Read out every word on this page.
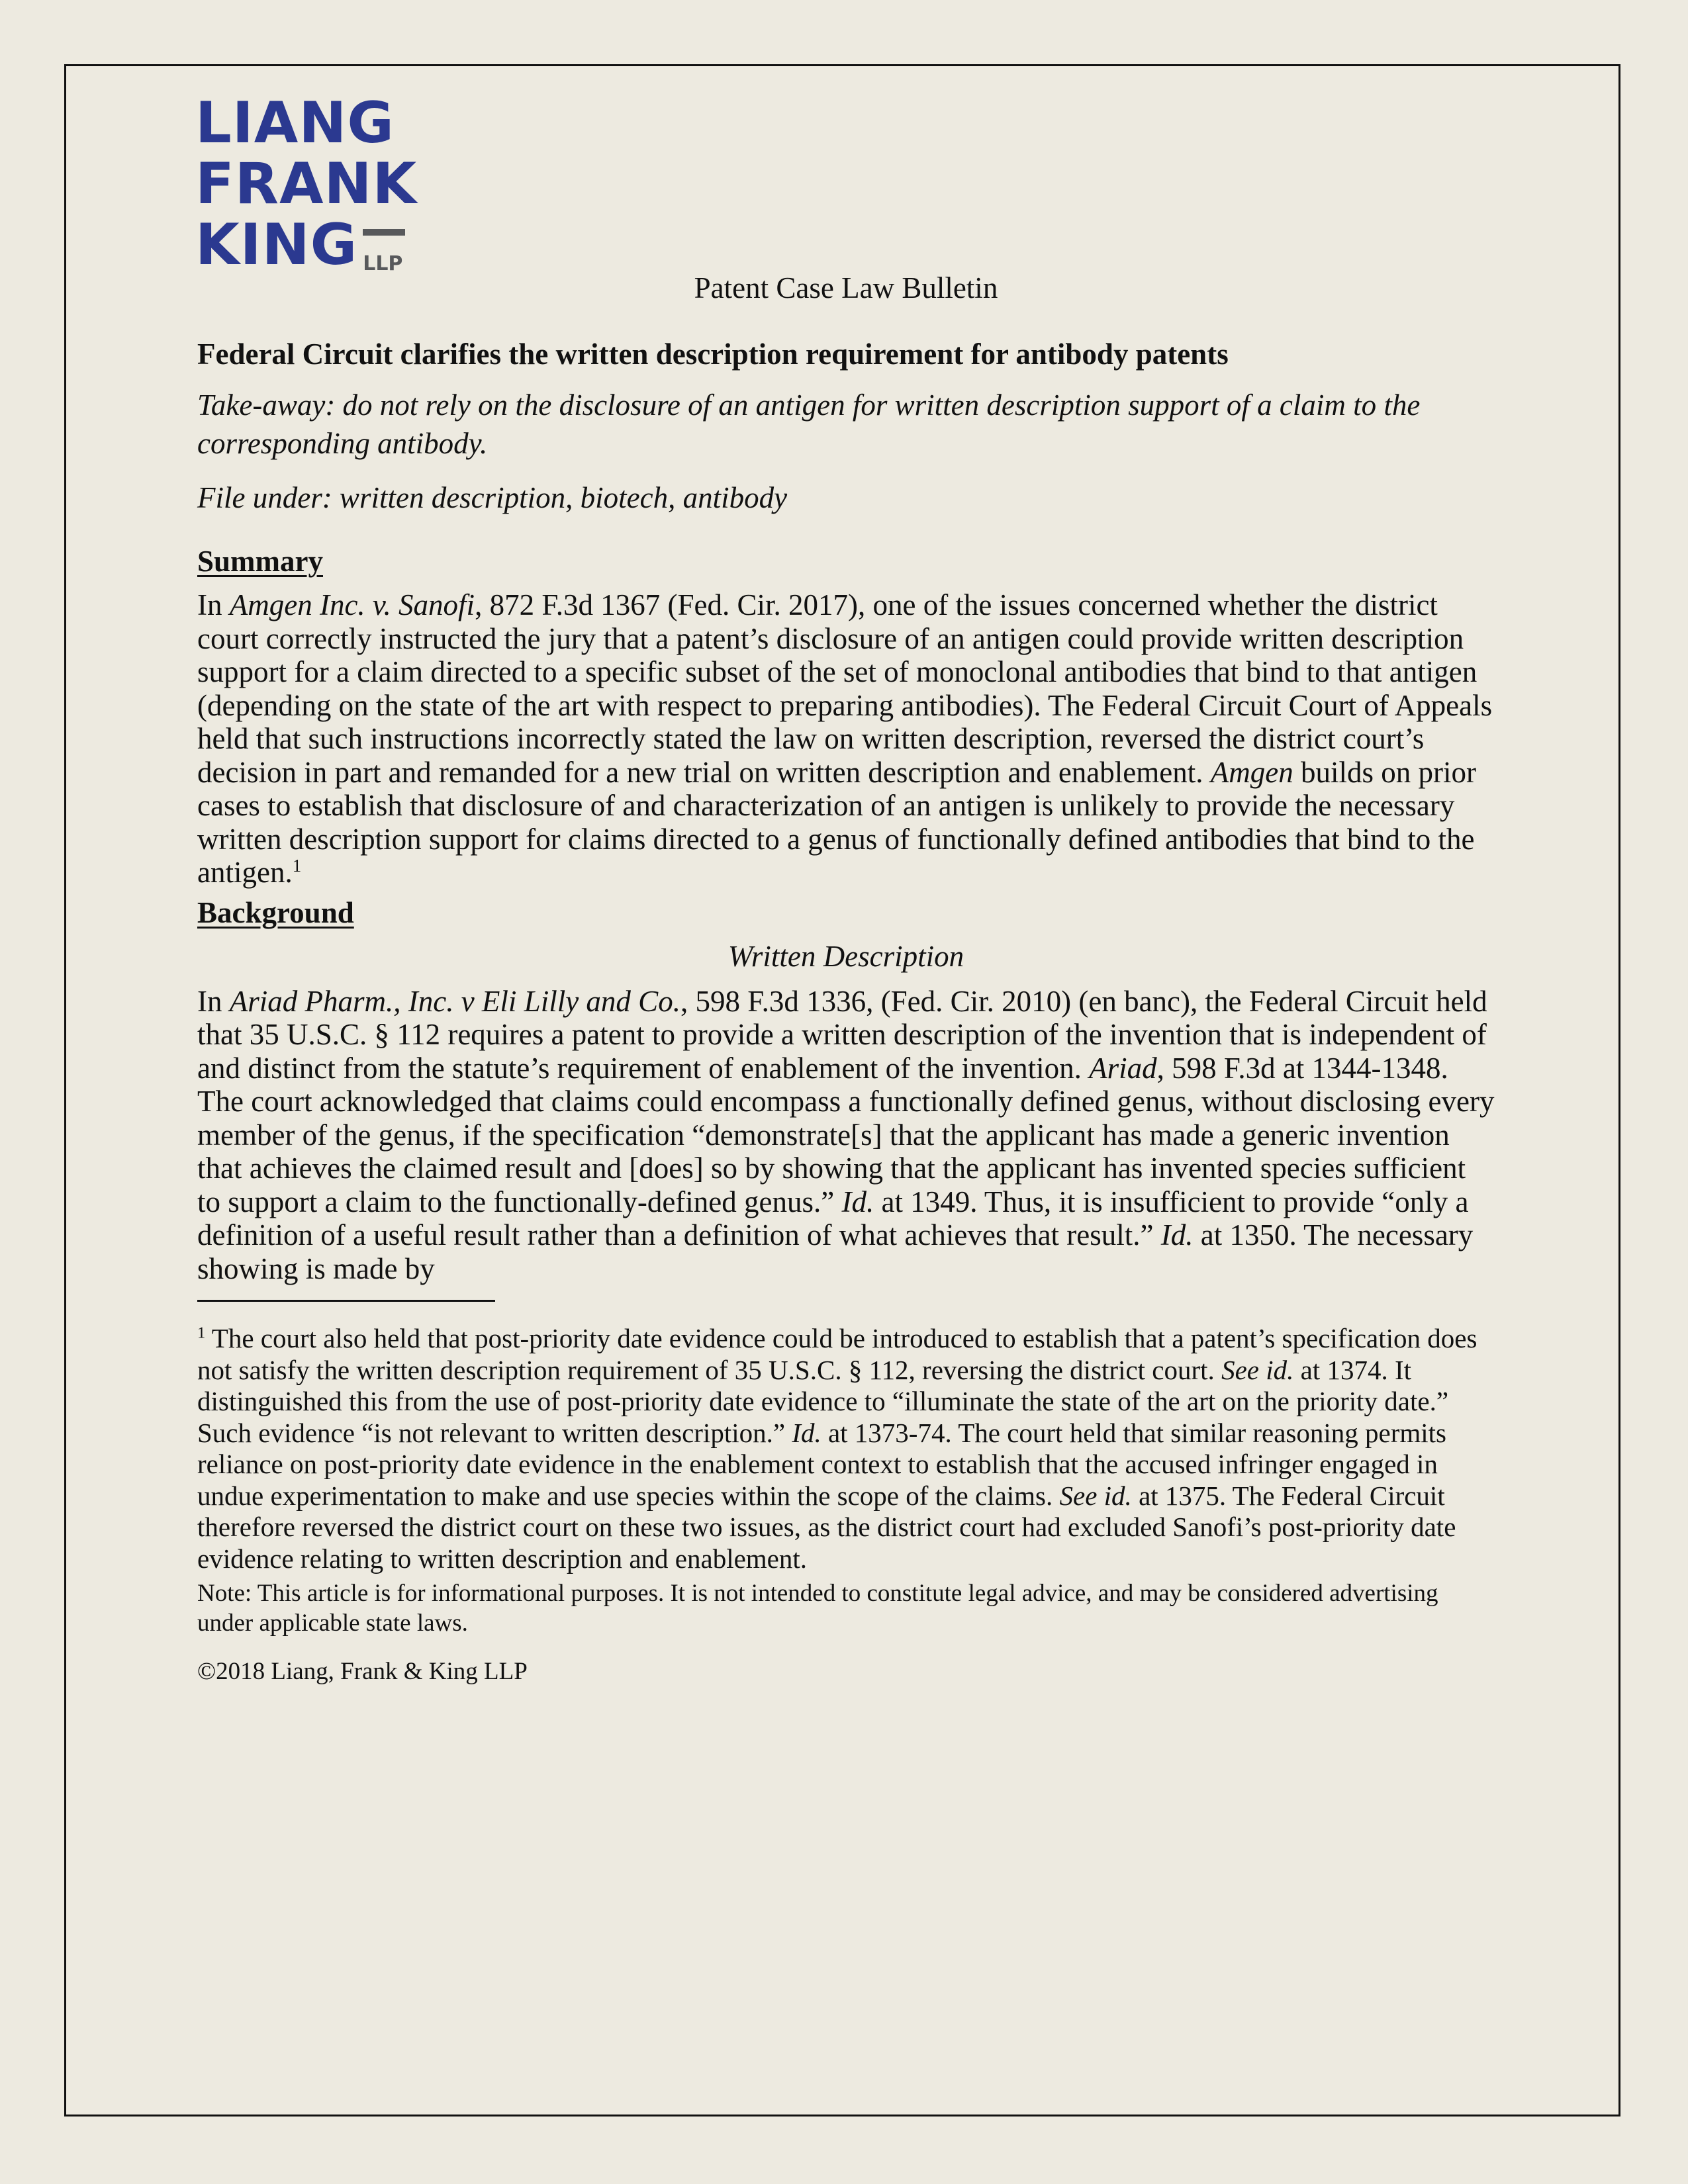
LIANG
FRANK
KING LLP
Patent Case Law Bulletin
Federal Circuit clarifies the written description requirement for antibody patents

Take-away: do not rely on the disclosure of an antigen for written description support of a claim to the corresponding antibody.

File under: written description, biotech, antibody

Summary

In Amgen Inc. v. Sanofi, 872 F.3d 1367 (Fed. Cir. 2017), one of the issues concerned whether the district court correctly instructed the jury that a patent’s disclosure of an antigen could provide written description support for a claim directed to a specific subset of the set of monoclonal antibodies that bind to that antigen (depending on the state of the art with respect to preparing antibodies). The Federal Circuit Court of Appeals held that such instructions incorrectly stated the law on written description, reversed the district court’s decision in part and remanded for a new trial on written description and enablement. Amgen builds on prior cases to establish that disclosure of and characterization of an antigen is unlikely to provide the necessary written description support for claims directed to a genus of functionally defined antibodies that bind to the antigen.$^1$

Background
Written Description

In Ariad Pharm., Inc. v Eli Lilly and Co., 598 F.3d 1336, (Fed. Cir. 2010) (en banc), the Federal Circuit held that 35 U.S.C. § 112 requires a patent to provide a written description of the invention that is independent of and distinct from the statute’s requirement of enablement of the invention. Ariad, 598 F.3d at 1344-1348. The court acknowledged that claims could encompass a functionally defined genus, without disclosing every member of the genus, if the specification “demonstrate[s] that the applicant has made a generic invention that achieves the claimed result and [does] so by showing that the applicant has invented species sufficient to support a claim to the functionally-defined genus.” Id. at 1349. Thus, it is insufficient to provide “only a definition of a useful result rather than a definition of what achieves that result.” Id. at 1350. The necessary showing is made by

$^1$ The court also held that post-priority date evidence could be introduced to establish that a patent’s specification does not satisfy the written description requirement of 35 U.S.C. § 112, reversing the district court. See id. at 1374. It distinguished this from the use of post-priority date evidence to “illuminate the state of the art on the priority date.” Such evidence “is not relevant to written description.” Id. at 1373-74. The court held that similar reasoning permits reliance on post-priority date evidence in the enablement context to establish that the accused infringer engaged in undue experimentation to make and use species within the scope of the claims. See id. at 1375. The Federal Circuit therefore reversed the district court on these two issues, as the district court had excluded Sanofi’s post-priority date evidence relating to written description and enablement.

Note: This article is for informational purposes. It is not intended to constitute legal advice, and may be considered advertising under applicable state laws.

©2018 Liang, Frank & King LLP
